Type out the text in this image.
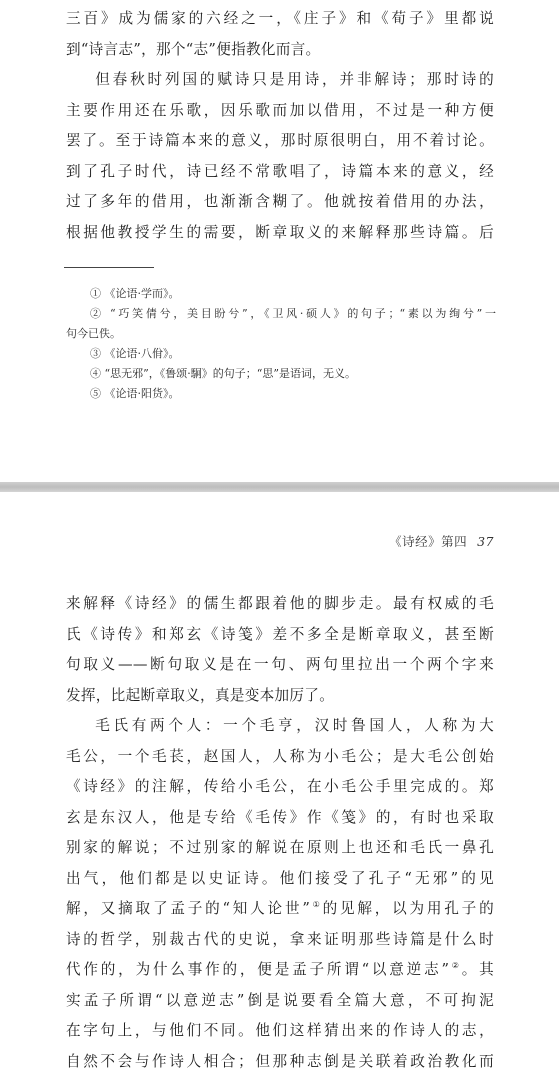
三百》成为儒家的六经之一，《庄子》和《荀子》里都说

到“诗言志”，那个“志”便指教化而言。

但春秋时列国的赋诗只是用诗，并非解诗；那时诗的

主要作用还在乐歌，因乐歌而加以借用，不过是一种方便

罢了。至于诗篇本来的意义，那时原很明白，用不着讨论。

到了孔子时代，诗已经不常歌唱了，诗篇本来的意义，经

过了多年的借用，也渐渐含糊了。他就按着借用的办法，

根据他教授学生的需要，断章取义的来解释那些诗篇。后

① 《论语·学而》。
② “巧笑倩兮，美目盼兮”，《卫风·硕人》的句子；“素以为绚兮”一
句今已佚。
③ 《论语·八佾》。
④ “思无邪”，《鲁颂·駉》的句子；“思”是语词，无义。
⑤ 《论语·阳货》。
《诗经》第四 37

来解释《诗经》的儒生都跟着他的脚步走。最有权威的毛

氏《诗传》和郑玄《诗笺》差不多全是断章取义，甚至断

句取义——断句取义是在一句、两句里拉出一个两个字来

发挥，比起断章取义，真是变本加厉了。

毛氏有两个人：一个毛亨，汉时鲁国人，人称为大

毛公，一个毛苌，赵国人，人称为小毛公；是大毛公创始

《诗经》的注解，传给小毛公，在小毛公手里完成的。郑

玄是东汉人，他是专给《毛传》作《笺》的，有时也采取

别家的解说；不过别家的解说在原则上也还和毛氏一鼻孔

出气，他们都是以史证诗。他们接受了孔子“无邪”的见

解，又摘取了孟子的“知人论世”①的见解，以为用孔子的

诗的哲学，别裁古代的史说，拿来证明那些诗篇是什么时

代作的，为什么事作的，便是孟子所谓“以意逆志”②。其

实孟子所谓“以意逆志”倒是说要看全篇大意，不可拘泥

在字句上，与他们不同。他们这样猜出来的作诗人的志，

自然不会与作诗人相合；但那种志倒是关联着政治教化而
